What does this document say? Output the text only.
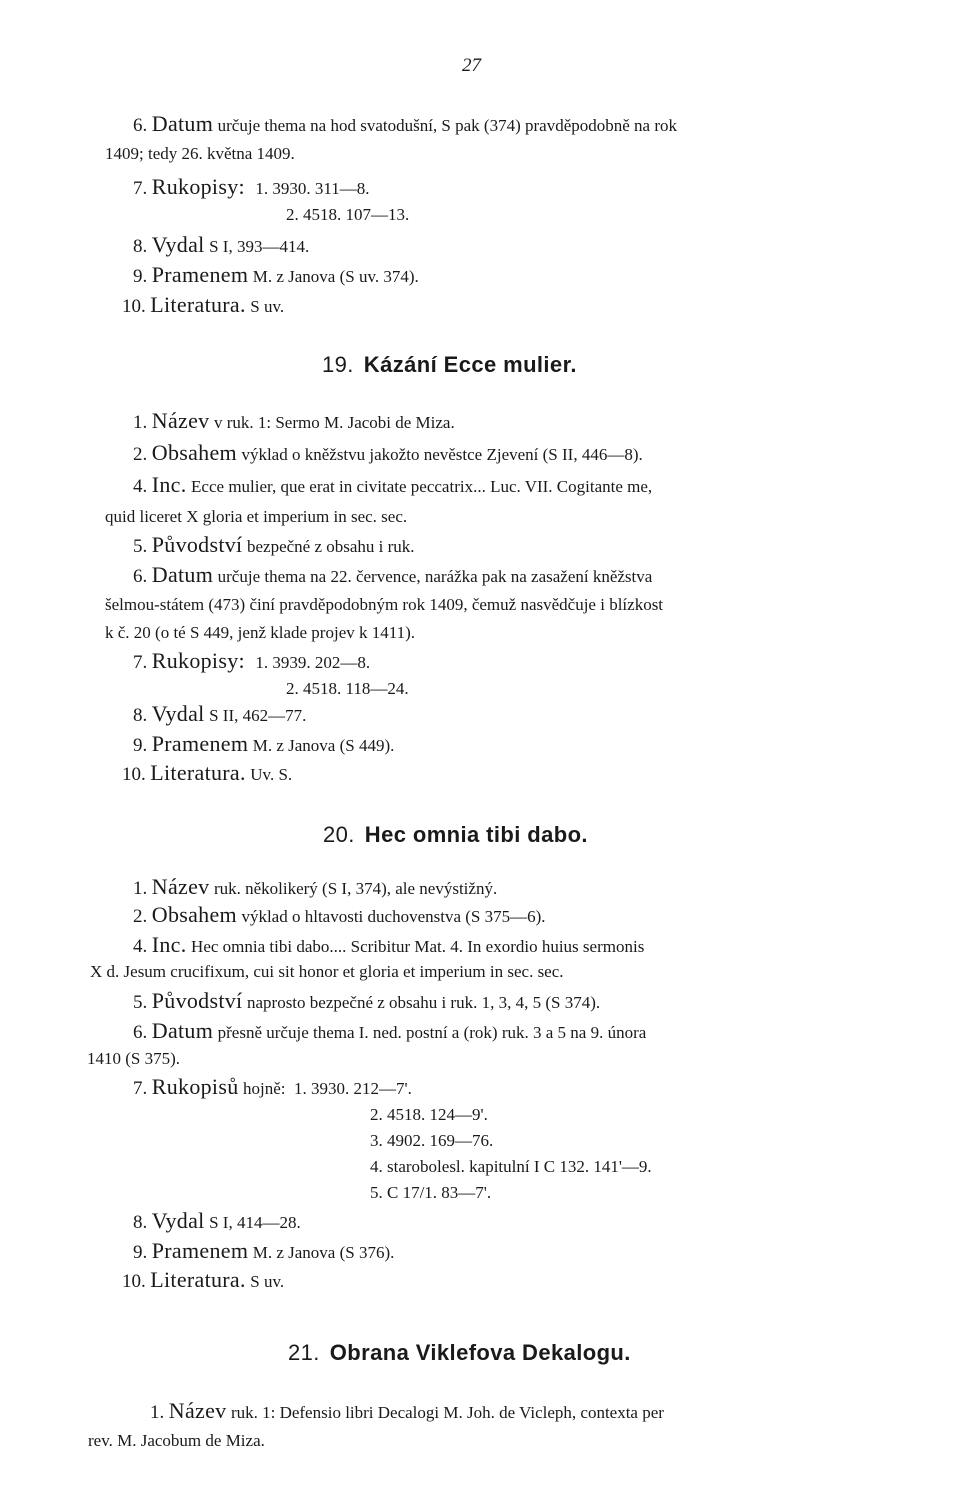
27
6. Datum určuje thema na hod svatodušní, S pak (374) pravděpodobně na rok
1409; tedy 26. května 1409.
7. Rukopisy: 1. 3930. 311—8.
2. 4518. 107—13.
8. Vydal S I, 393—414.
9. Pramenem M. z Janova (S uv. 374).
10. Literatura. S uv.
19. Kázání Ecce mulier.
1. Název v ruk. 1: Sermo M. Jacobi de Miza.
2. Obsahem výklad o kněžstvu jakožto nevěstce Zjevení (S II, 446—8).
4. Inc. Ecce mulier, que erat in civitate peccatrix... Luc. VII. Cogitante me,
quid liceret X gloria et imperium in sec. sec.
5. Původství bezpečné z obsahu i ruk.
6. Datum určuje thema na 22. července, narážka pak na zasažení kněžstva
šelmou-státem (473) činí pravděpodobným rok 1409, čemuž nasvědčuje i blízkost
k č. 20 (o té S 449, jenž klade projev k 1411).
7. Rukopisy: 1. 3939. 202—8.
2. 4518. 118—24.
8. Vydal S II, 462—77.
9. Pramenem M. z Janova (S 449).
10. Literatura. Uv. S.
20. Hec omnia tibi dabo.
1. Název ruk. několikerý (S I, 374), ale nevýstižný.
2. Obsahem výklad o hltavosti duchovenstva (S 375—6).
4. Inc. Hec omnia tibi dabo.... Scribitur Mat. 4. In exordio huius sermonis
X d. Jesum crucifixum, cui sit honor et gloria et imperium in sec. sec.
5. Původství naprosto bezpečné z obsahu i ruk. 1, 3, 4, 5 (S 374).
6. Datum přesně určuje thema I. ned. postní a (rok) ruk. 3 a 5 na 9. února
1410 (S 375).
7. Rukopisů hojně: 1. 3930. 212—7'.
2. 4518. 124—9'.
3. 4902. 169—76.
4. starobolesl. kapitulní I C 132. 141'—9.
5. C 17/1. 83—7'.
8. Vydal S I, 414—28.
9. Pramenem M. z Janova (S 376).
10. Literatura. S uv.
21. Obrana Viklefova Dekalogu.
1. Název ruk. 1: Defensio libri Decalogi M. Joh. de Vicleph, contexta per
rev. M. Jacobum de Miza.
